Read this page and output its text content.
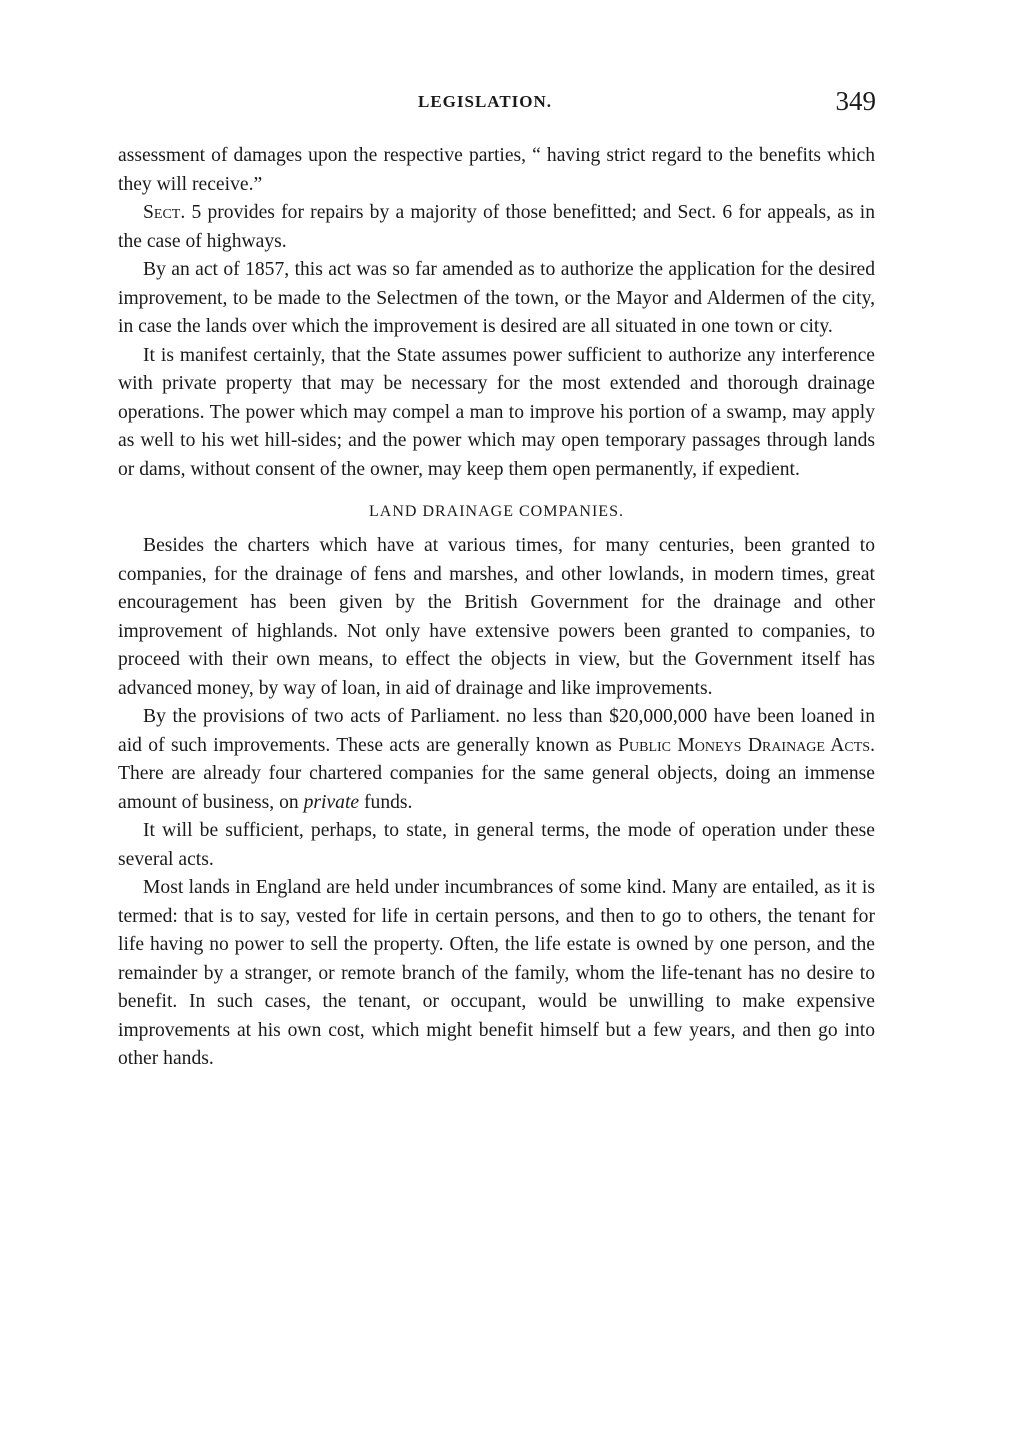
LEGISLATION.	349

assessment of damages upon the respective parties, “ having strict regard to the benefits which they will receive.”

Sect. 5 provides for repairs by a majority of those benefitted; and Sect. 6 for appeals, as in the case of highways.

By an act of 1857, this act was so far amended as to authorize the application for the desired improvement, to be made to the Selectmen of the town, or the Mayor and Aldermen of the city, in case the lands over which the improvement is desired are all situated in one town or city.

It is manifest certainly, that the State assumes power sufficient to authorize any interference with private property that may be necessary for the most extended and thorough drainage operations. The power which may compel a man to improve his portion of a swamp, may apply as well to his wet hill-sides; and the power which may open temporary passages through lands or dams, without consent of the owner, may keep them open permanently, if expedient.

LAND DRAINAGE COMPANIES.

Besides the charters which have at various times, for many centuries, been granted to companies, for the drainage of fens and marshes, and other lowlands, in modern times, great encouragement has been given by the British Government for the drainage and other improvement of highlands. Not only have extensive powers been granted to companies, to proceed with their own means, to effect the objects in view, but the Government itself has advanced money, by way of loan, in aid of drainage and like improvements.

By the provisions of two acts of Parliament. no less than $20,000,000 have been loaned in aid of such improvements. These acts are generally known as Public Moneys Drainage Acts. There are already four chartered companies for the same general objects, doing an immense amount of business, on private funds.

It will be sufficient, perhaps, to state, in general terms, the mode of operation under these several acts.

Most lands in England are held under incumbrances of some kind. Many are entailed, as it is termed: that is to say, vested for life in certain persons, and then to go to others, the tenant for life having no power to sell the property. Often, the life estate is owned by one person, and the remainder by a stranger, or remote branch of the family, whom the life-tenant has no desire to benefit. In such cases, the tenant, or occupant, would be unwilling to make expensive improvements at his own cost, which might benefit himself but a few years, and then go into other hands.
